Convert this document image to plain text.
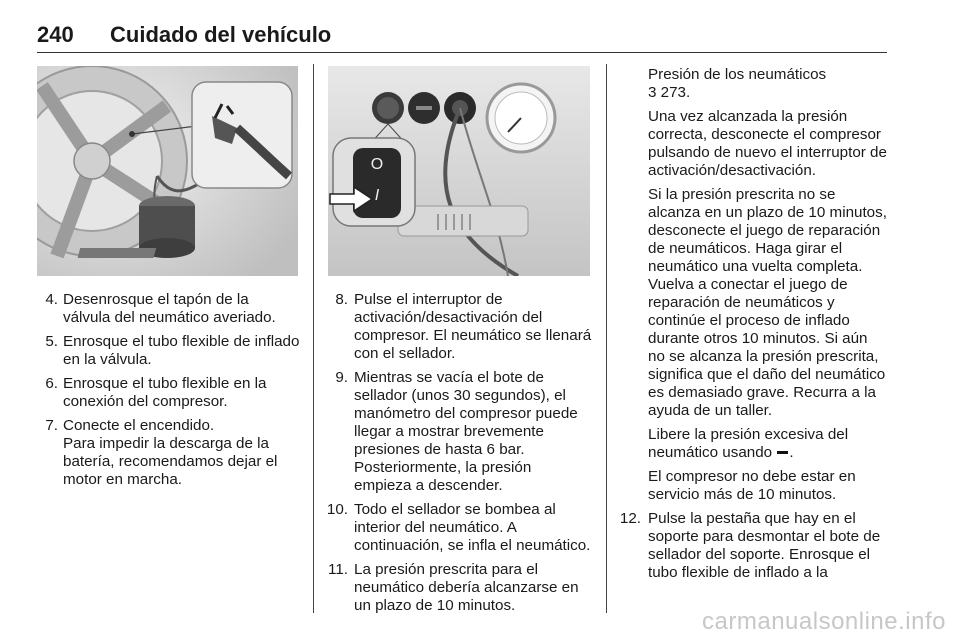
240 Cuidado del vehículo
O
I
4. Desenrosque el tapón de la válvula del neumático averiado.

5. Enrosque el tubo flexible de inflado en la válvula.

6. Enrosque el tubo flexible en la conexión del compresor.

7. Conecte el encendido.

Para impedir la descarga de la batería, recomendamos dejar el motor en marcha.

8. Pulse el interruptor de activación/desactivación del compresor. El neumático se llenará con el sellador.

9. Mientras se vacía el bote de sellador (unos 30 segundos), el manómetro del compresor puede llegar a mostrar brevemente presiones de hasta 6 bar. Posteriormente, la presión empieza a descender.

10. Todo el sellador se bombea al interior del neumático. A continuación, se infla el neumático.

11. La presión prescrita para el neumático debería alcanzarse en un plazo de 10 minutos.

Presión de los neumáticos

3 273.

Una vez alcanzada la presión correcta, desconecte el compresor pulsando de nuevo el interruptor de activación/desactivación.

Si la presión prescrita no se alcanza en un plazo de 10 minutos, desconecte el juego de reparación de neumáticos. Haga girar el neumático una vuelta completa. Vuelva a conectar el juego de reparación de neumáticos y continúe el proceso de inflado durante otros 10 minutos. Si aún no se alcanza la presión prescrita, significa que el daño del neumático es demasiado grave. Recurra a la ayuda de un taller.

Libere la presión excesiva del neumático usando .

El compresor no debe estar en servicio más de 10 minutos.

12. Pulse la pestaña que hay en el soporte para desmontar el bote de sellador del soporte. Enrosque el tubo flexible de inflado a la

carmanualsonline.info
